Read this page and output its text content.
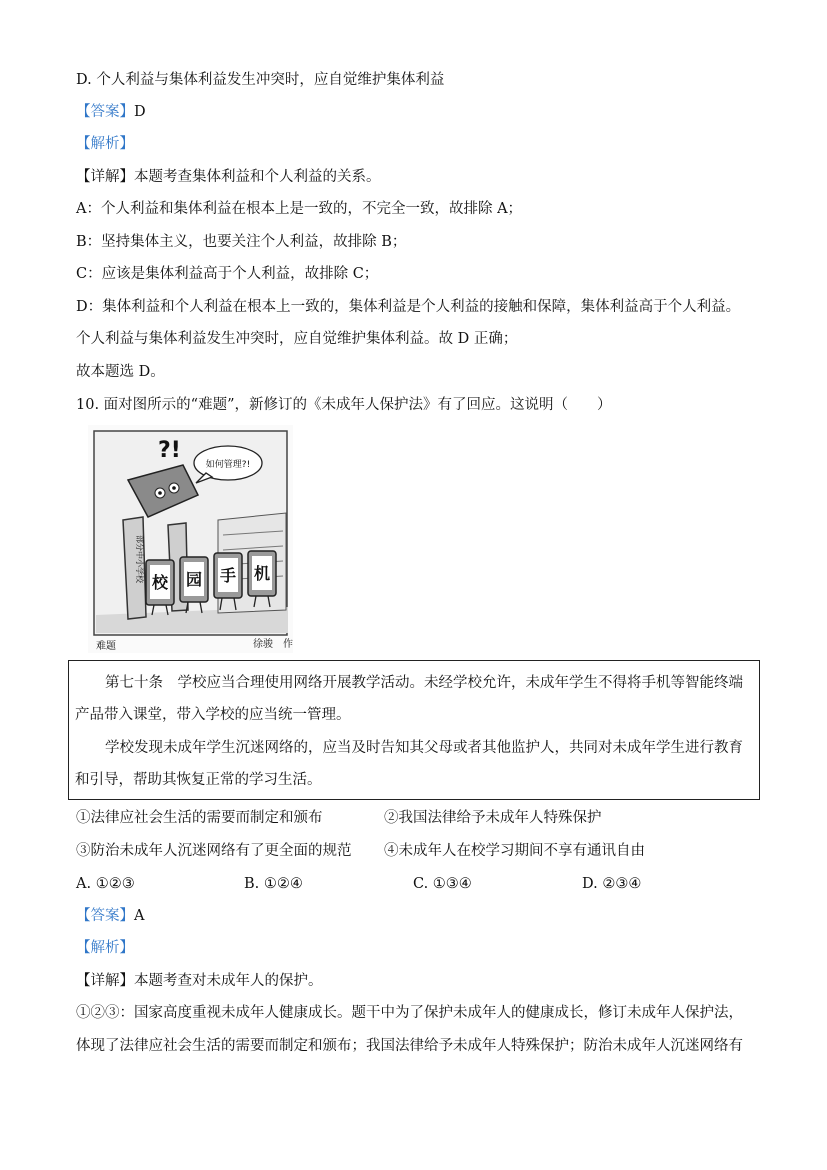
D. 个人利益与集体利益发生冲突时，应自觉维护集体利益
【答案】D
【解析】
【详解】本题考查集体利益和个人利益的关系。
A：个人利益和集体利益在根本上是一致的，不完全一致，故排除 A；
B：坚持集体主义，也要关注个人利益，故排除 B；
C：应该是集体利益高于个人利益，故排除 C；
D：集体利益和个人利益在根本上一致的，集体利益是个人利益的接触和保障，集体利益高于个人利益。
个人利益与集体利益发生冲突时，应自觉维护集体利益。故 D 正确；
故本题选 D。
10. 面对图所示的“难题”，新修订的《未成年人保护法》有了回应。这说明（　　）
?!
如何管理?!
部分中小学校 校 园 手 机
难题	徐骏　作
第七十条　学校应当合理使用网络开展教学活动。未经学校允许，未成年学生不得将手机等智能终端
产品带入课堂，带入学校的应当统一管理。
学校发现未成年学生沉迷网络的，应当及时告知其父母或者其他监护人，共同对未成年学生进行教育
和引导，帮助其恢复正常的学习生活。
①法律应社会生活的需要而制定和颁布	②我国法律给予未成年人特殊保护
③防治未成年人沉迷网络有了更全面的规范 ④未成年人在校学习期间不享有通讯自由
A. ①②③	B. ①②④	C. ①③④	D. ②③④
【答案】A
【解析】
【详解】本题考查对未成年人的保护。
①②③：国家高度重视未成年人健康成长。题干中为了保护未成年人的健康成长，修订未成年人保护法，
体现了法律应社会生活的需要而制定和颁布；我国法律给予未成年人特殊保护；防治未成年人沉迷网络有
